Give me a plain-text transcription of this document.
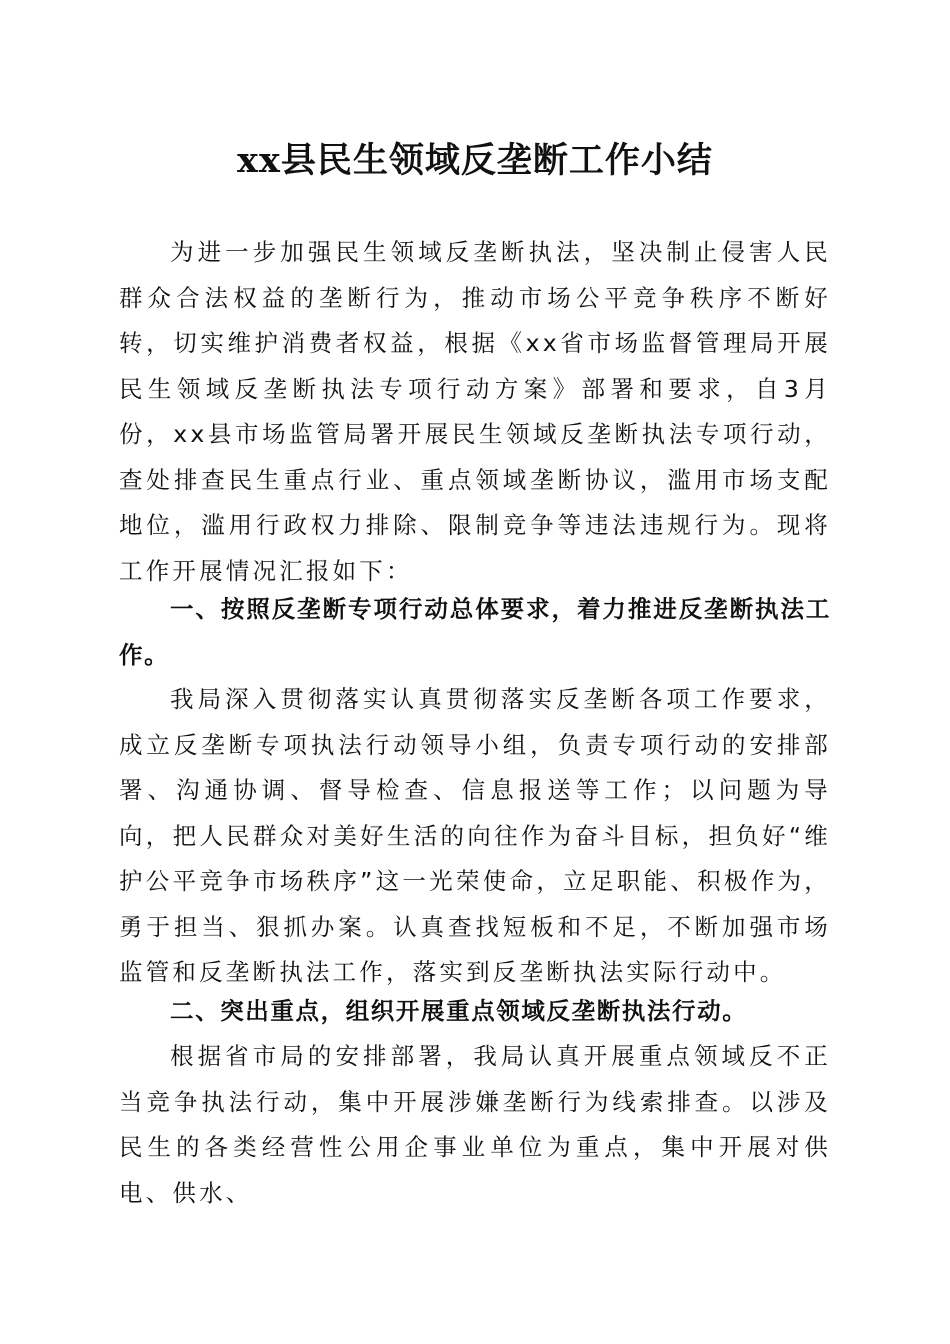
xx县民生领域反垄断工作小结

为进一步加强民生领域反垄断执法，坚决制止侵害人民群众合法权益的垄断行为，推动市场公平竞争秩序不断好转，切实维护消费者权益，根据《xx省市场监督管理局开展民生领域反垄断执法专项行动方案》部署和要求，自3月份，xx县市场监管局署开展民生领域反垄断执法专项行动，查处排查民生重点行业、重点领域垄断协议，滥用市场支配地位，滥用行政权力排除、限制竞争等违法违规行为。现将工作开展情况汇报如下：

一、按照反垄断专项行动总体要求，着力推进反垄断执法工作。

我局深入贯彻落实认真贯彻落实反垄断各项工作要求，成立反垄断专项执法行动领导小组，负责专项行动的安排部署、沟通协调、督导检查、信息报送等工作；以问题为导向，把人民群众对美好生活的向往作为奋斗目标，担负好“维护公平竞争市场秩序”这一光荣使命，立足职能、积极作为，勇于担当、狠抓办案。认真查找短板和不足，不断加强市场监管和反垄断执法工作，落实到反垄断执法实际行动中。

二、突出重点，组织开展重点领域反垄断执法行动。

根据省市局的安排部署，我局认真开展重点领域反不正当竞争执法行动，集中开展涉嫌垄断行为线索排查。以涉及民生的各类经营性公用企事业单位为重点，集中开展对供电、供水、
